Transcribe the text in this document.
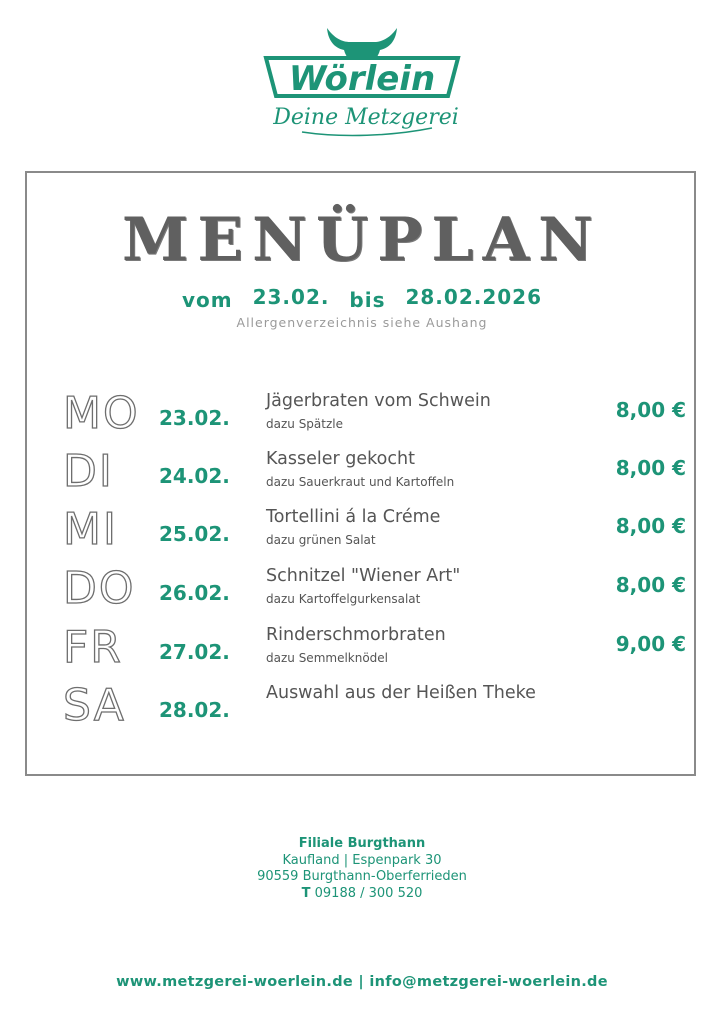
Wörlein
Deine Metzgerei
MENÜPLAN
vom 23.02. bis 28.02.2026
Allergenverzeichnis siehe Aushang
MO 23.02.
Jägerbraten vom Schwein
dazu Spätzle
8,00 €
DI 24.02.
Kasseler gekocht
dazu Sauerkraut und Kartoffeln
8,00 €
MI 25.02.
Tortellini á la Créme
dazu grünen Salat
8,00 €
DO 26.02.
Schnitzel "Wiener Art"
dazu Kartoffelgurkensalat
8,00 €
FR 27.02.
Rinderschmorbraten
dazu Semmelknödel
9,00 €
SA 28.02.
Auswahl aus der Heißen Theke
Filiale Burgthann
Kaufland | Espenpark 30
90559 Burgthann-Oberferrieden
T 09188 / 300 520
www.metzgerei-woerlein.de | info@metzgerei-woerlein.de
